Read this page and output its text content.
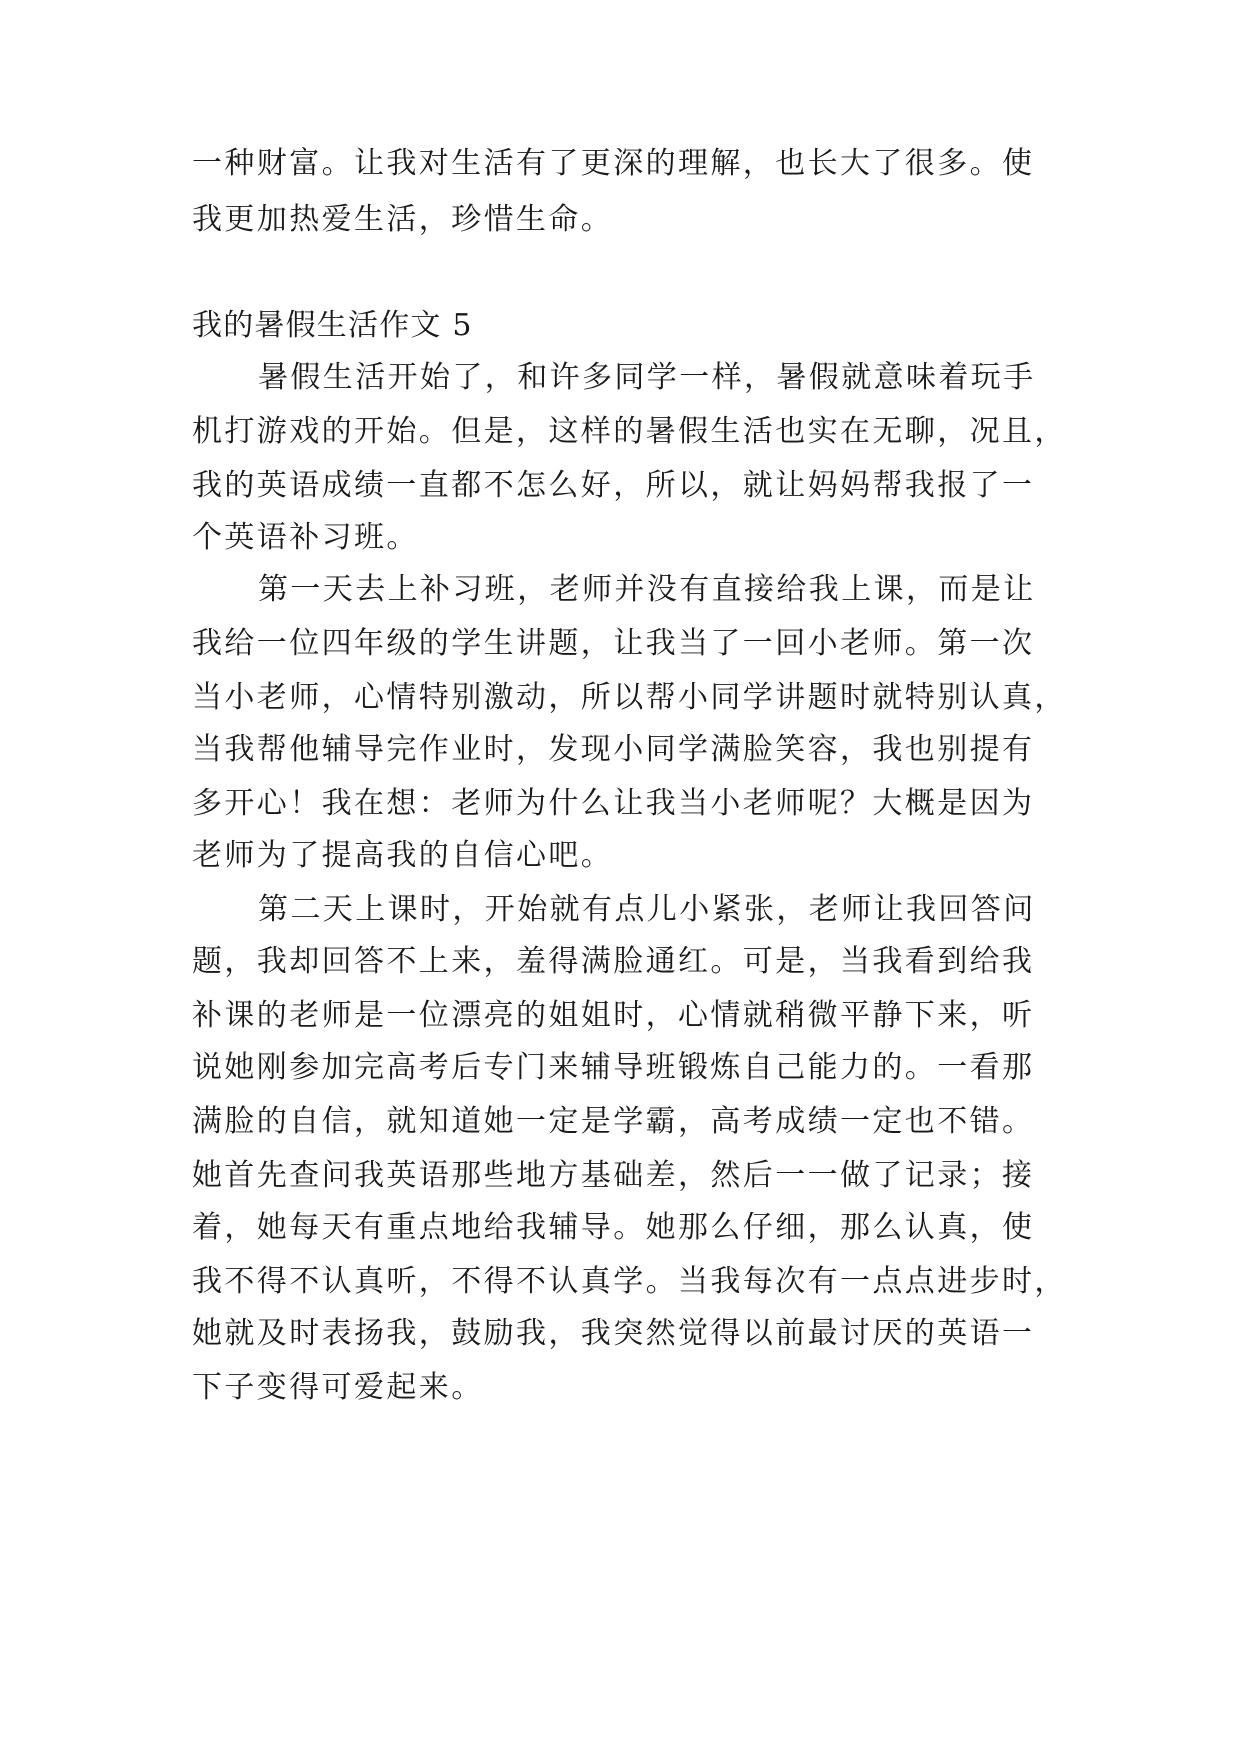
一种财富。让我对生活有了更深的理解，也长大了很多。使
我更加热爱生活，珍惜生命。
我的暑假生活作文 5
暑假生活开始了，和许多同学一样，暑假就意味着玩手
机打游戏的开始。但是，这样的暑假生活也实在无聊，况且，
我的英语成绩一直都不怎么好，所以，就让妈妈帮我报了一
个英语补习班。
第一天去上补习班，老师并没有直接给我上课，而是让
我给一位四年级的学生讲题，让我当了一回小老师。第一次
当小老师，心情特别激动，所以帮小同学讲题时就特别认真，
当我帮他辅导完作业时，发现小同学满脸笑容，我也别提有
多开心！我在想：老师为什么让我当小老师呢？大概是因为
老师为了提高我的自信心吧。
第二天上课时，开始就有点儿小紧张，老师让我回答问
题，我却回答不上来，羞得满脸通红。可是，当我看到给我
补课的老师是一位漂亮的姐姐时，心情就稍微平静下来，听
说她刚参加完高考后专门来辅导班锻炼自己能力的。一看那
满脸的自信，就知道她一定是学霸，高考成绩一定也不错。
她首先查问我英语那些地方基础差，然后一一做了记录；接
着，她每天有重点地给我辅导。她那么仔细，那么认真，使
我不得不认真听，不得不认真学。当我每次有一点点进步时，
她就及时表扬我，鼓励我，我突然觉得以前最讨厌的英语一
下子变得可爱起来。
